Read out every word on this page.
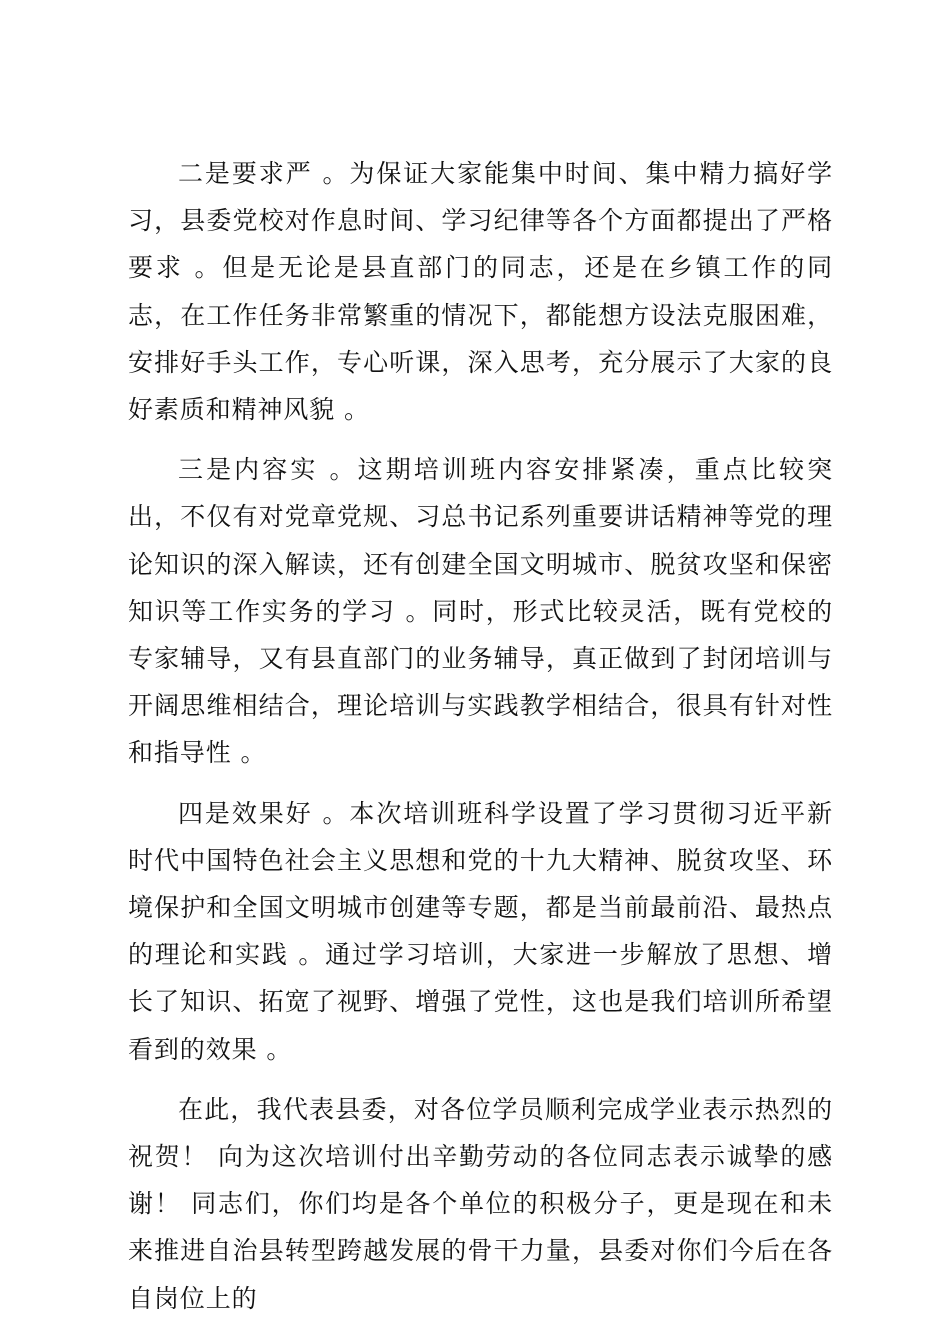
二是要求严 。为保证大家能集中时间、集中精力搞好学习，县委党校对作息时间、学习纪律等各个方面都提出了严格要求 。但是无论是县直部门的同志，还是在乡镇工作的同志，在工作任务非常繁重的情况下，都能想方设法克服困难，安排好手头工作，专心听课，深入思考，充分展示了大家的良好素质和精神风貌 。

三是内容实 。这期培训班内容安排紧凑，重点比较突出，不仅有对党章党规、习总书记系列重要讲话精神等党的理论知识的深入解读，还有创建全国文明城市、脱贫攻坚和保密知识等工作实务的学习 。同时，形式比较灵活，既有党校的专家辅导，又有县直部门的业务辅导，真正做到了封闭培训与开阔思维相结合，理论培训与实践教学相结合，很具有针对性和指导性 。

四是效果好 。本次培训班科学设置了学习贯彻习近平新时代中国特色社会主义思想和党的十九大精神、脱贫攻坚、环境保护和全国文明城市创建等专题，都是当前最前沿、最热点的理论和实践 。通过学习培训，大家进一步解放了思想、增长了知识、拓宽了视野、增强了党性，这也是我们培训所希望看到的效果 。

在此，我代表县委，对各位学员顺利完成学业表示热烈的祝贺！ 向为这次培训付出辛勤劳动的各位同志表示诚挚的感谢！ 同志们，你们均是各个单位的积极分子，更是现在和未来推进自治县转型跨越发展的骨干力量，县委对你们今后在各自岗位上的
